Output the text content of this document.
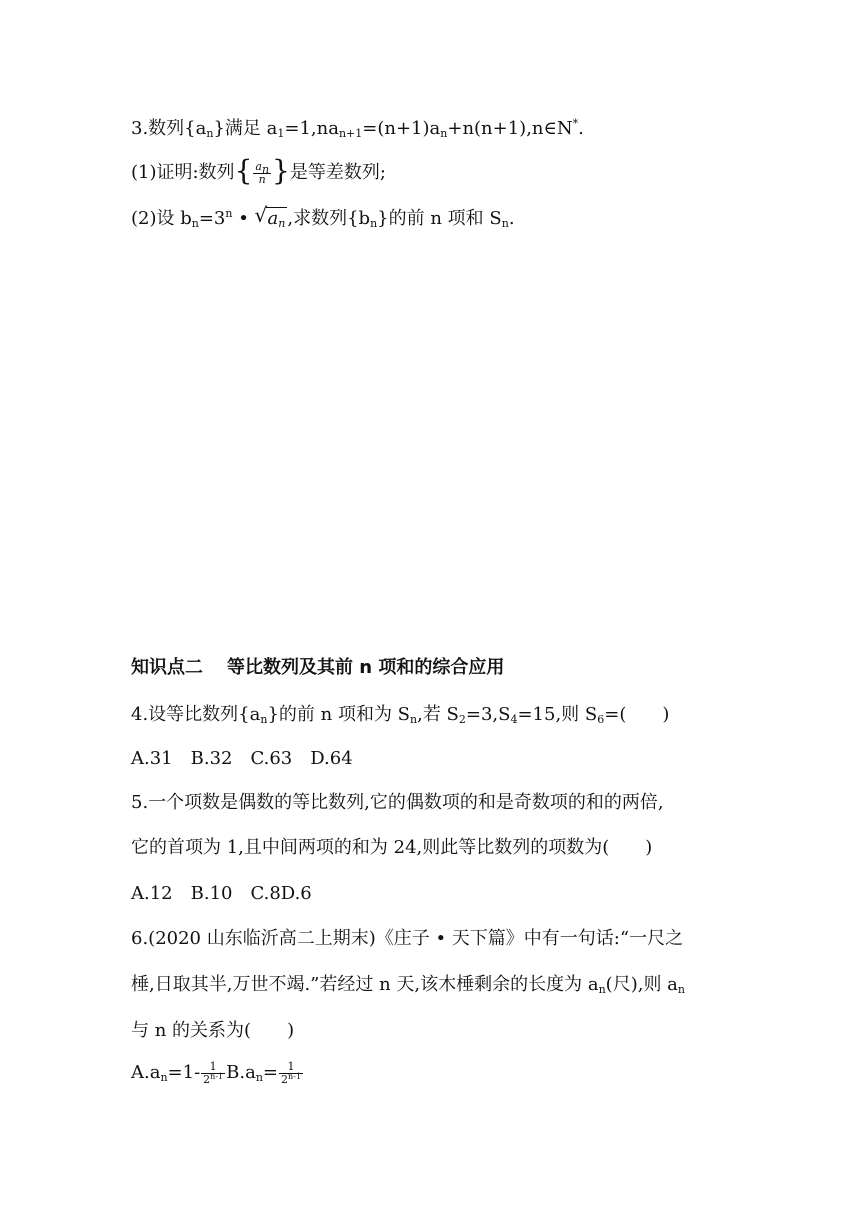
3.数列$\{a_n\}$满足 $a_1=1,na_{n+1}=(n+1)a_n+n(n+1),n\in N^*$.
(1)证明:数列{ $\frac{a_n}{n}$ }是等差数列;
(2)设 $b_n=3^n$ • √ $a_n$ ,求数列$\{b_n\}$的前 n 项和 $S_n$.
知识点二 等比数列及其前 n 项和的综合应用
4.设等比数列$\{a_n\}$的前 n 项和为 $S_n$,若 $S_2=3,S_4=15$,则 $S_6=$( )
A.31　B.32　C.63　D.64
5.一个项数是偶数的等比数列,它的偶数项的和是奇数项的和的两倍,
它的首项为 1,且中间两项的和为 24,则此等比数列的项数为( )
A.12　B.10　C.8D.6
6.(2020 山东临沂高二上期末)《庄子 • 天下篇》中有一句话:“一尺之
棰,日取其半,万世不竭.”若经过 n 天,该木棰剩余的长度为 $a_n$(尺),则 $a_n$
与 n 的关系为( )
$A.a_n=1- \frac{1}{2^{n-1}} B.a_n= \frac{1}{2^{n-1}}$
